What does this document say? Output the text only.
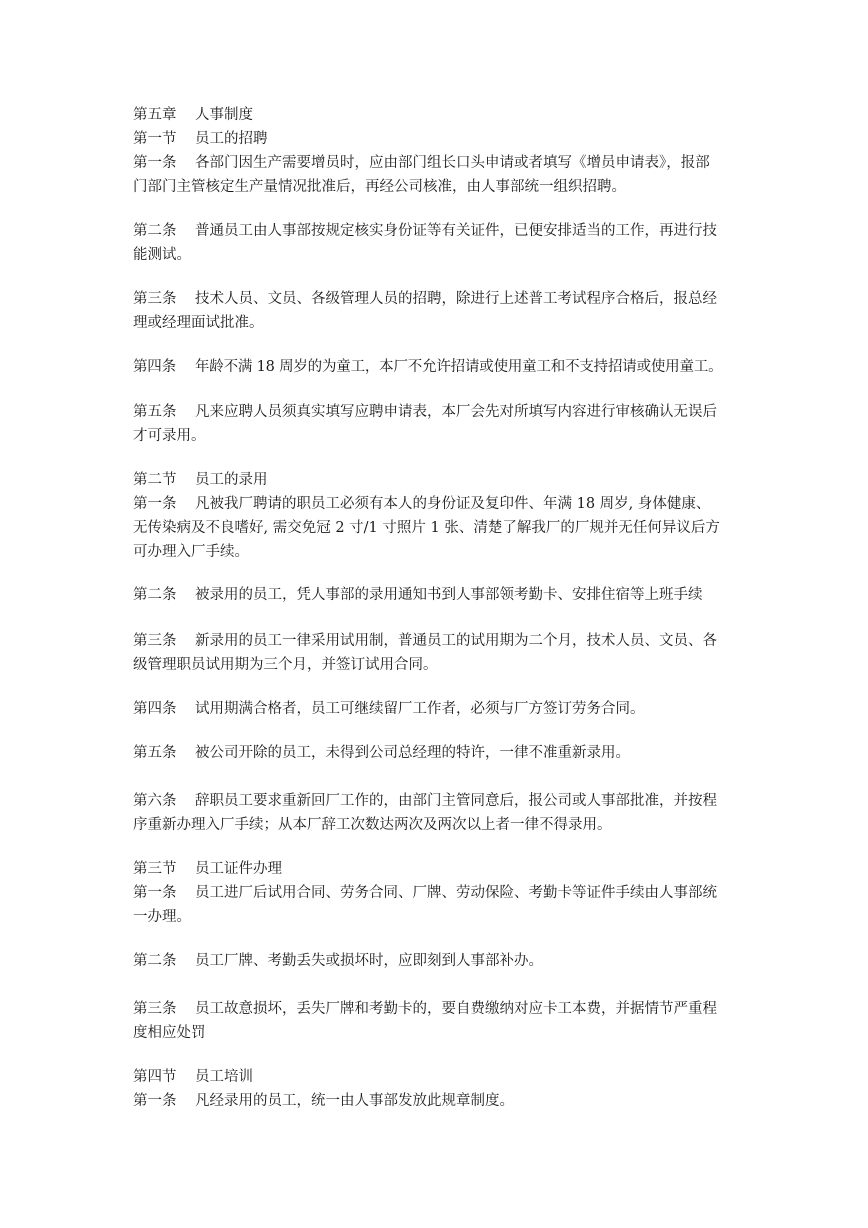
第五章 人事制度
第一节 员工的招聘
第一条 各部门因生产需要增员时，应由部门组长口头申请或者填写《增员申请表》，报部
门部门主管核定生产量情况批准后，再经公司核准，由人事部统一组织招聘。
第二条 普通员工由人事部按规定核实身份证等有关证件，已便安排适当的工作，再进行技
能测试。
第三条 技术人员、文员、各级管理人员的招聘，除进行上述普工考试程序合格后，报总经
理或经理面试批准。
第四条 年龄不满 18 周岁的为童工，本厂不允许招请或使用童工和不支持招请或使用童工。
第五条 凡来应聘人员须真实填写应聘申请表，本厂会先对所填写内容进行审核确认无误后
才可录用。
第二节 员工的录用
第一条 凡被我厂聘请的职员工必须有本人的身份证及复印件、年满 18 周岁, 身体健康、
无传染病及不良嗜好, 需交免冠 2 寸/1 寸照片 1 张、清楚了解我厂的厂规并无任何异议后方
可办理入厂手续。
第二条 被录用的员工，凭人事部的录用通知书到人事部领考勤卡、安排住宿等上班手续
第三条 新录用的员工一律采用试用制，普通员工的试用期为二个月，技术人员、文员、各
级管理职员试用期为三个月，并签订试用合同。
第四条 试用期满合格者，员工可继续留厂工作者，必须与厂方签订劳务合同。
第五条 被公司开除的员工，未得到公司总经理的特许，一律不准重新录用。
第六条 辞职员工要求重新回厂工作的，由部门主管同意后，报公司或人事部批准，并按程
序重新办理入厂手续；从本厂辞工次数达两次及两次以上者一律不得录用。
第三节 员工证件办理
第一条 员工进厂后试用合同、劳务合同、厂牌、劳动保险、考勤卡等证件手续由人事部统
一办理。
第二条 员工厂牌、考勤丢失或损坏时，应即刻到人事部补办。
第三条 员工故意损坏，丢失厂牌和考勤卡的，要自费缴纳对应卡工本费，并据情节严重程
度相应处罚
第四节 员工培训
第一条 凡经录用的员工，统一由人事部发放此规章制度。
